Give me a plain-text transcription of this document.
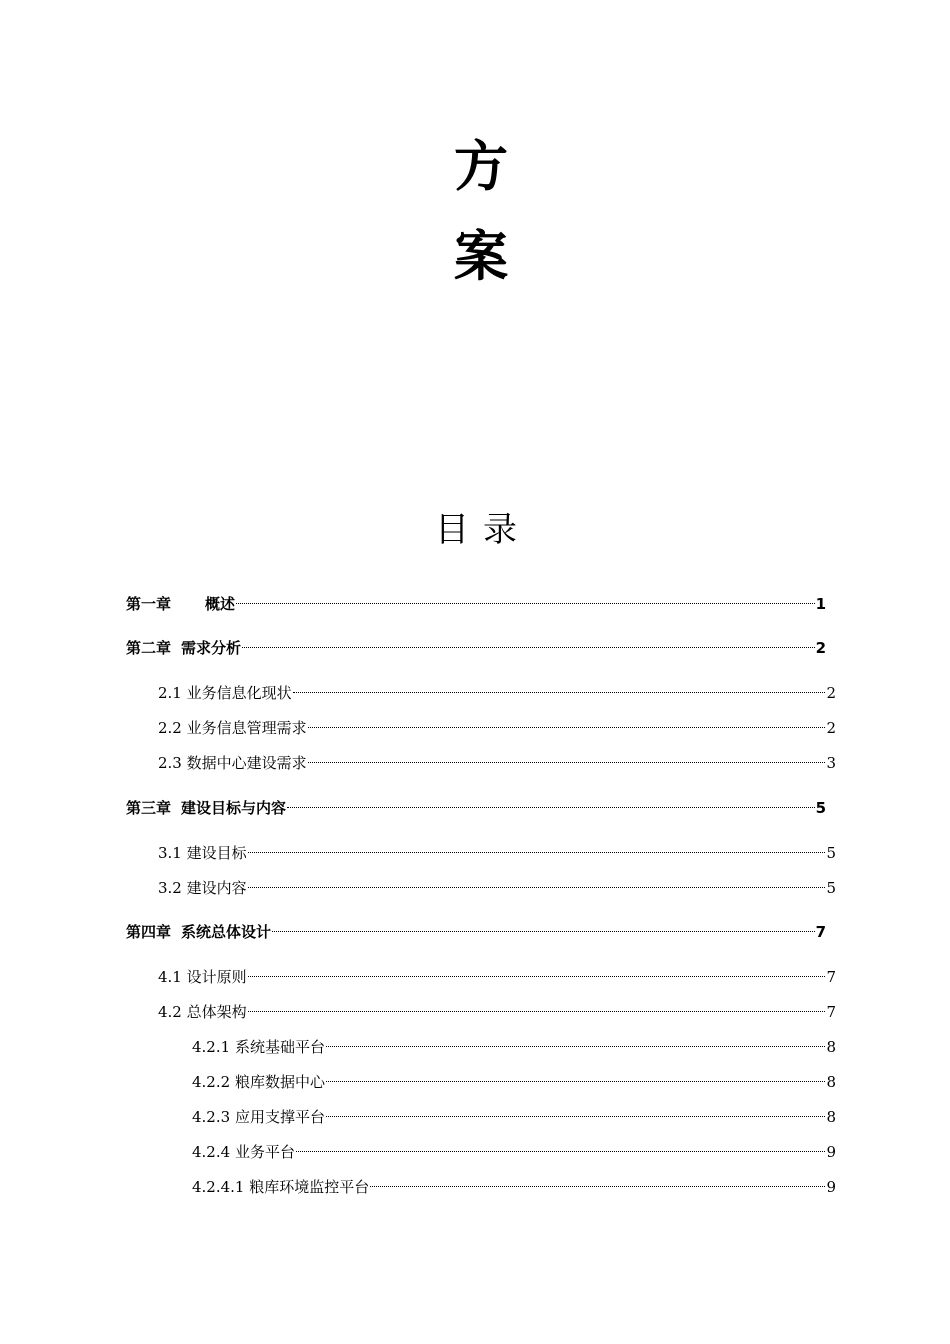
方
案
目录
第一章 概述	1
第二章 需求分析	2
2.1 业务信息化现状	2
2.2 业务信息管理需求	2
2.3 数据中心建设需求	3
第三章 建设目标与内容	5
3.1 建设目标	5
3.2 建设内容	5
第四章 系统总体设计	7
4.1 设计原则	7
4.2 总体架构	7
4.2.1 系统基础平台	8
4.2.2 粮库数据中心	8
4.2.3 应用支撑平台	8
4.2.4 业务平台	9
4.2.4.1 粮库环境监控平台	9
